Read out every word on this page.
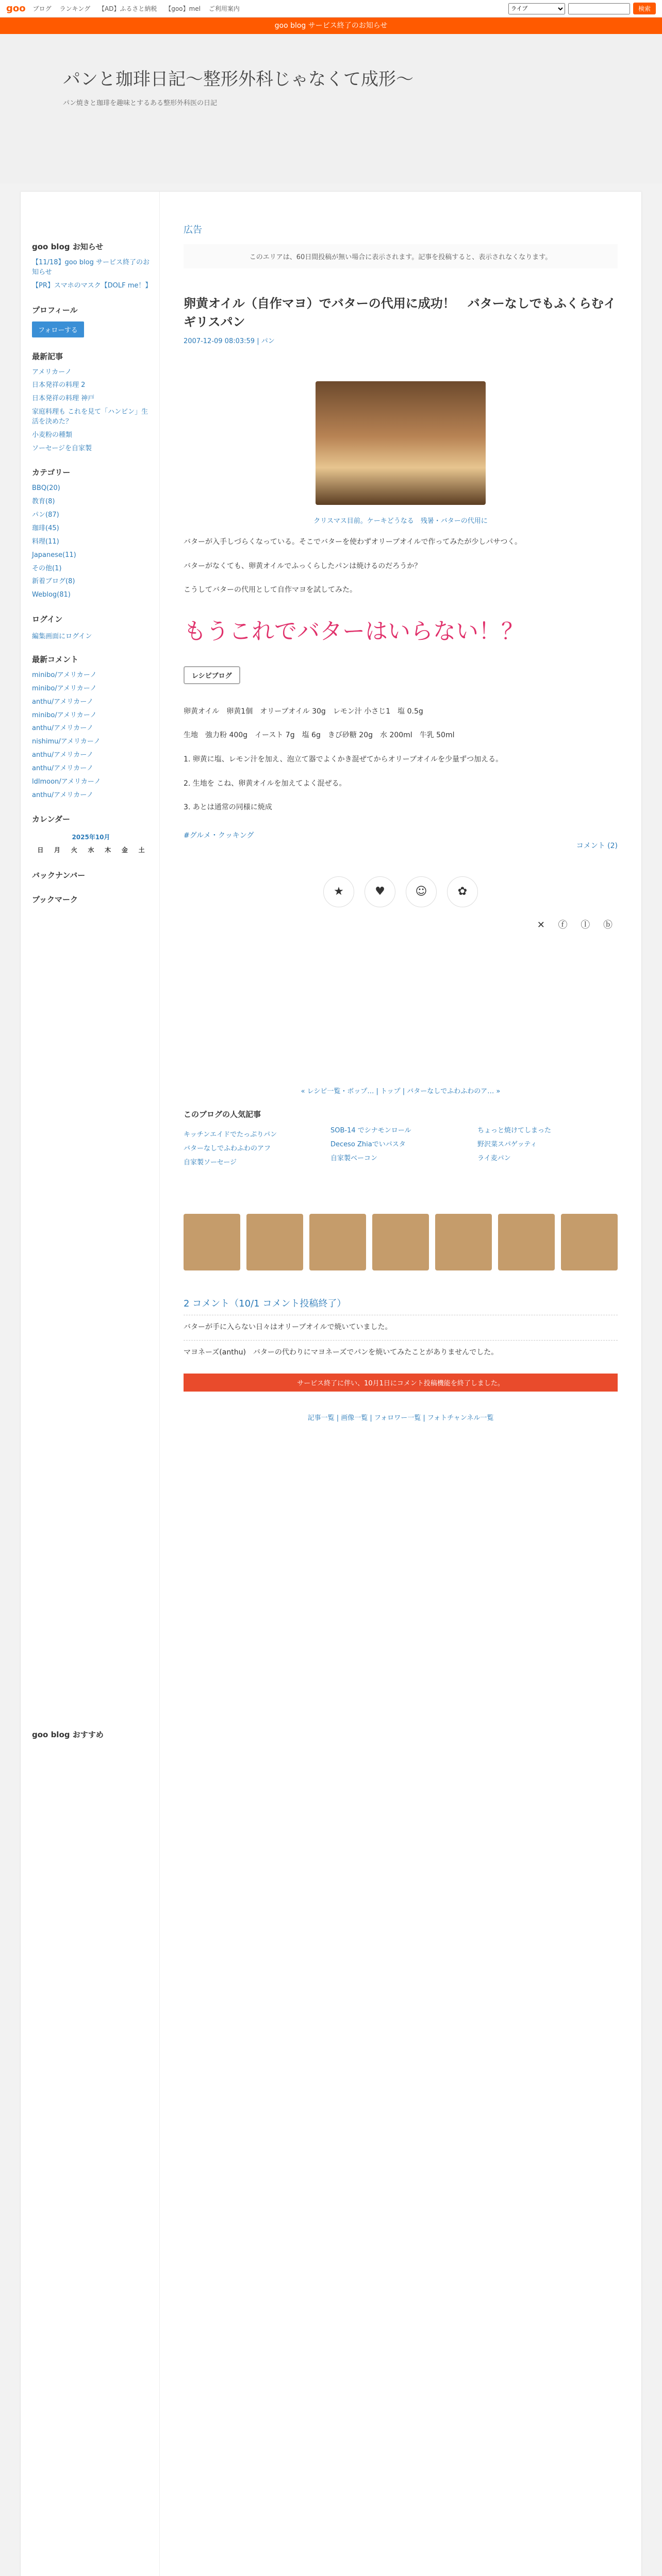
goo ブログ ランキング 【AD】ふるさと納税 【goo】mel ご利用案内
ライブ	検索
goo blog サービス終了のお知らせ
パンと珈琲日記〜整形外科じゃなくて成形〜

パン焼きと珈琲を趣味とするある整形外科医の日記

goo blog お知らせ
【11/18】goo blog サービス終了のお知らせ
【PR】スマホのマスク【DOLF me！】
プロフィール
フォローする
最新記事
アメリカーノ
日本発祥の料理 2
日本発祥の料理 神戸
家庭料理も これを見て「ハンビン」生活を決めた？
小麦粉の種類
ソーセージを自家製
カテゴリー
BBQ(20)
教育(8)
パン(87)
珈琲(45)
料理(11)
Japanese(11)
その他(1)
新着ブログ(8)
Weblog(81)
ログイン
編集画面にログイン
最新コメント
minibo/アメリカーノ
minibo/アメリカーノ
anthu/アメリカーノ
minibo/アメリカーノ
anthu/アメリカーノ
nishimu/アメリカーノ
anthu/アメリカーノ
anthu/アメリカーノ
ldlmoon/アメリカーノ
anthu/アメリカーノ
カレンダー
2025年10月
日	月	火	水	木	金	土
バックナンバー
ブックマーク
goo blog おすすめ
広告
このエリアは、60日間投稿が無い場合に表示されます。記事を投稿すると、表示されなくなります。
卵黄オイル（自作マヨ）でバターの代用に成功！　バターなしでもふくらむイギリスパン
2007-12-09 08:03:59 | パン
クリスマス目前。ケーキどうなる　残暑・バターの代用に

バターが入手しづらくなっている。そこでバターを使わずオリーブオイルで作ってみたが少しパサつく。

バターがなくても、卵黄オイルでふっくらしたパンは焼けるのだろうか？

こうしてバターの代用として自作マヨを試してみた。

もうこれでバターはいらない！？
レシピブログ

卵黄オイル　卵黄1個　オリーブオイル 30g　レモン汁 小さじ1　塩 0.5g

生地　強力粉 400g　イースト 7g　塩 6g　きび砂糖 20g　水 200ml　牛乳 50ml

1. 卵黄に塩、レモン汁を加え、泡立て器でよくかき混ぜてからオリーブオイルを少量ずつ加える。

2. 生地を こね、卵黄オイルを加えてよく混ぜる。

3. あとは通常の同様に焼成

#グルメ・クッキング
コメント (2)
★	♥	☺	✿
✕ ⓕ ⓛ ⓑ
« レシピ一覧・ボップ… | トップ | バターなしでふわふわのア… »
このブログの人気記事
キッチンエイドでたっぷりパン
バターなしでふわふわのアフ
自家製ソーセージ
SOB-14 でシナモンロール
Deceso Zhiaでいパスタ
自家製ベーコン
ちょっと焼けてしまった
野沢菜スパゲッティ
ライ麦パン
2 コメント（10/1 コメント投稿終了）
バターが手に入らない日々はオリーブオイルで焼いていました。
マヨネーズ(anthu)　バターの代わりにマヨネーズでパンを焼いてみたことがありませんでした。
サービス終了に伴い、10月1日にコメント投稿機能を終了しました。
記事一覧 | 画像一覧 | フォロワー一覧 | フォトチャンネル一覧
